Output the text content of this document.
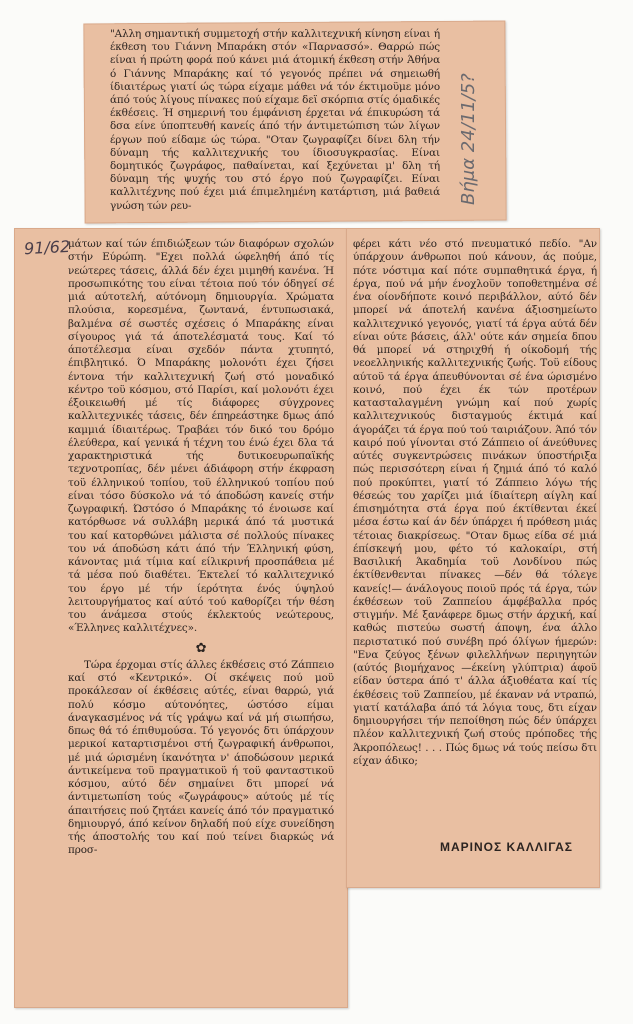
"Αλλη σημαντική συμμετοχή στήν καλλιτεχνική κίνηση είναι ή έκθεση του Γιάννη Μπαράκη στόν «Παρνασσό». Θαρρώ πώς είναι ή πρώτη φορά πού κάνει μιά άτομική έκθεση στήν Άθήνα ό Γιάννης Μπαράκης καί τό γεγονός πρέπει νά σημειωθή ίδιαιτέρως γιατί ώς τώρα είχαμε μάθει νά τόν έκτιμοϋμε μόνο άπό τούς λίγους πίνακες πού είχαμε δεϊ σκόρπια στίς όμαδικές έκθέσεις. Ή σημερινή του έμφάνιση έρχεται νά έπικυρώση τά δσα είνε ύποπτευθή κανείς άπό τήν άντιμετώπιση τών λίγων έργων πού είδαμε ώς τώρα. "Οταν ζωγραφίζει δίνει δλη τήν δύναμη τής καλλιτεχνικής του ίδιοσυγκρασίας. Είναι δομητικός ζωγράφος, παθαίνεται, καί ξεχύνεται μ' δλη τή δύναμη τής ψυχής του στό έργο πού ζωγραφίζει. Είναι καλλιτέχνης πού έχει μιά έπιμελημένη κατάρτιση, μιά βαθειά γνώση τών ρευ-

μάτων καί τών έπιδιώξεων τών διαφόρων σχολών στήν Εύρώπη. "Εχει πολλά ώφεληθή άπό τίς νεώτερες τάσεις, άλλά δέν έχει μιμηθή κανένα. Ή προσωπικότης του είναι τέτοια πού τόν όδηγεί σέ μιά αύτοτελή, αύτόνομη δημιουργία. Χρώματα πλούσια, κορεσμένα, ζωντανά, έντυπωσιακά, βαλμένα σέ σωστές σχέσεις ό Μπαράκης είναι σίγουρος γιά τά άποτελέσματά τους. Καί τό άποτέλεσμα είναι σχεδόν πάντα χτυπητό, έπιβλητικό. Ό Μπαράκης μολονότι έχει ζήσει έντονα τήν καλλιτεχνική ζωή στό μοναδικό κέντρο τοϋ κόσμου, στό Παρίσι, καί μολονότι έχει έξοικειωθή μέ τίς διάφορες σύγχρονες καλλιτεχνικές τάσεις, δέν έπηρεάστηκε δμως άπό καμμιά ίδιαιτέρως. Τραβάει τόν δικό του δρόμο έλεύθερα, καί γενικά ή τέχνη του ένώ έχει δλα τά χαρακτηριστικά τής δυτικοευρωπαϊκής τεχνοτροπίας, δέν μένει άδιάφορη στήν έκφραση τοϋ έλληνικού τοπίου, τοϋ έλληνικού τοπίου πού είναι τόσο δύσκολο νά τό άποδώση κανείς στήν ζωγραφική. Ώστόσο ό Μπαράκης τό ένοιωσε καί κατόρθωσε νά συλλάβη μερικά άπό τά μυστικά του καί κατορθώνει μάλιστα σέ πολλούς πίνακες του νά άποδώση κάτι άπό τήν Έλληνική φύση, κάνοντας μιά τίμια καί είλικρινή προσπάθεια μέ τά μέσα πού διαθέτει. Έκτελεί τό καλλιτεχνικό του έργο μέ τήν ίερότητα ένός ύψηλού λειτουργήματος καί αύτό τού καθορίζει τήν θέση του άνάμεσα στούς έκλεκτούς νεώτερους, «Έλληνες καλλιτέχνες».

✿

Τώρα έρχομαι στίς άλλες έκθέσεις στό Ζάππειο καί στό «Κεντρικό». Οί σκέψεις πού μοϋ προκάλεσαν οί έκθέσεις αύτές, είναι θαρρώ, γιά πολύ κόσμο αύτονόητες, ώστόσο είμαι άναγκασμένος νά τίς γράψω καί νά μή σιωπήσω, δπως θά τό έπιθυμούσα. Τό γεγονός δτι ύπάρχουν μερικοί καταρτισμένοι στή ζωγραφική άνθρωποι, μέ μιά ώρισμένη ίκανότητα ν' άποδώσουν μερικά άντικείμενα τοϋ πραγματικοϋ ή τοϋ φανταστικοϋ κόσμου, αύτό δέν σημαίνει δτι μπορεί νά άντιμετωπίση τούς «ζωγράφους» αύτούς μέ τίς άπαιτήσεις πού ζητάει κανείς άπό τόν πραγματικό δημιουργό, άπό κείνον δηλαδή πού είχε συνείδηση τής άποστολής του καί πού τείνει διαρκώς νά προσ-

φέρει κάτι νέο στό πνευματικό πεδίο. "Αν ύπάρχουν άνθρωποι πού κάνουν, άς πούμε, πότε νόστιμα καί πότε συμπαθητικά έργα, ή έργα, πού νά μήν ένοχλοϋν τοποθετημένα σέ ένα οίονδήποτε κοινό περιβάλλον, αύτό δέν μπορεί νά άποτελή κανένα άξιοσημείωτο καλλιτεχνικό γεγονός, γιατί τά έργα αύτά δέν είναι ούτε βάσεις, άλλ' ούτε κάν σημεία δπου θά μπορεί νά στηριχθή ή οίκοδομή τής νεοελληνικής καλλιτεχνικής ζωής. Τοϋ είδους αύτοϋ τά έργα άπευθύνονται σέ ένα ώρισμένο κοινό, πού έχει έκ τών προτέρων κατασταλαγμένη γνώμη καί πού χωρίς καλλιτεχνικούς δισταγμούς έκτιμά καί άγοράζει τά έργα πού τού ταιριάζουν. Άπό τόν καιρό πού γίνονται στό Ζάππειο οί άνεύθυνες αύτές συγκεντρώσεις πινάκων ύποστήριξα πώς περισσότερη είναι ή ζημιά άπό τό καλό πού προκύπτει, γιατί τό Ζάππειο λόγω τής θέσεώς του χαρίζει μιά ίδιαίτερη αίγλη καί έπισημότητα στά έργα πού έκτίθενται έκεί μέσα έστω καί άν δέν ύπάρχει ή πρόθεση μιάς τέτοιας διακρίσεως. "Οταν δμως είδα σέ μιά έπίσκεψή μου, φέτο τό καλοκαίρι, στή Βασιλική Άκαδημία τοϋ Λονδίνου πώς έκτίθενθενται πίνακες —δέν θά τόλεγε κανείς!— άνάλογους ποιοϋ πρός τά έργα, τών έκθέσεων τοϋ Ζαππείου άμφέβαλλα πρός στιγμήν. Μέ ξανάφερε δμως στήν άρχική, καί καθώς πιστεύω σωστή άποψη, ένα άλλο περιστατικό πού συνέβη πρό όλίγων ήμερών: "Ενα ζεύγος ξένων φιλελλήνων περιηγητών (αύτός βιομήχανος —έκείνη γλύπτρια) άφοϋ είδαν ύστερα άπό τ' άλλα άξιοθέατα καί τίς έκθέσεις τοϋ Ζαππείου, μέ έκαναν νά ντραπώ, γιατί κατάλαβα άπό τά λόγια τους, δτι είχαν δημιουργήσει τήν πεποίθηση πώς δέν ύπάρχει πλέον καλλιτεχνική ζωή στούς πρόποδες τής Άκροπόλεως! . . . Πώς δμως νά τούς πείσω δτι είχαν άδικο;

ΜΑΡΙΝΟΣ ΚΑΛΛΙΓΑΣ
Βήμα 24/11/5?
91/62
